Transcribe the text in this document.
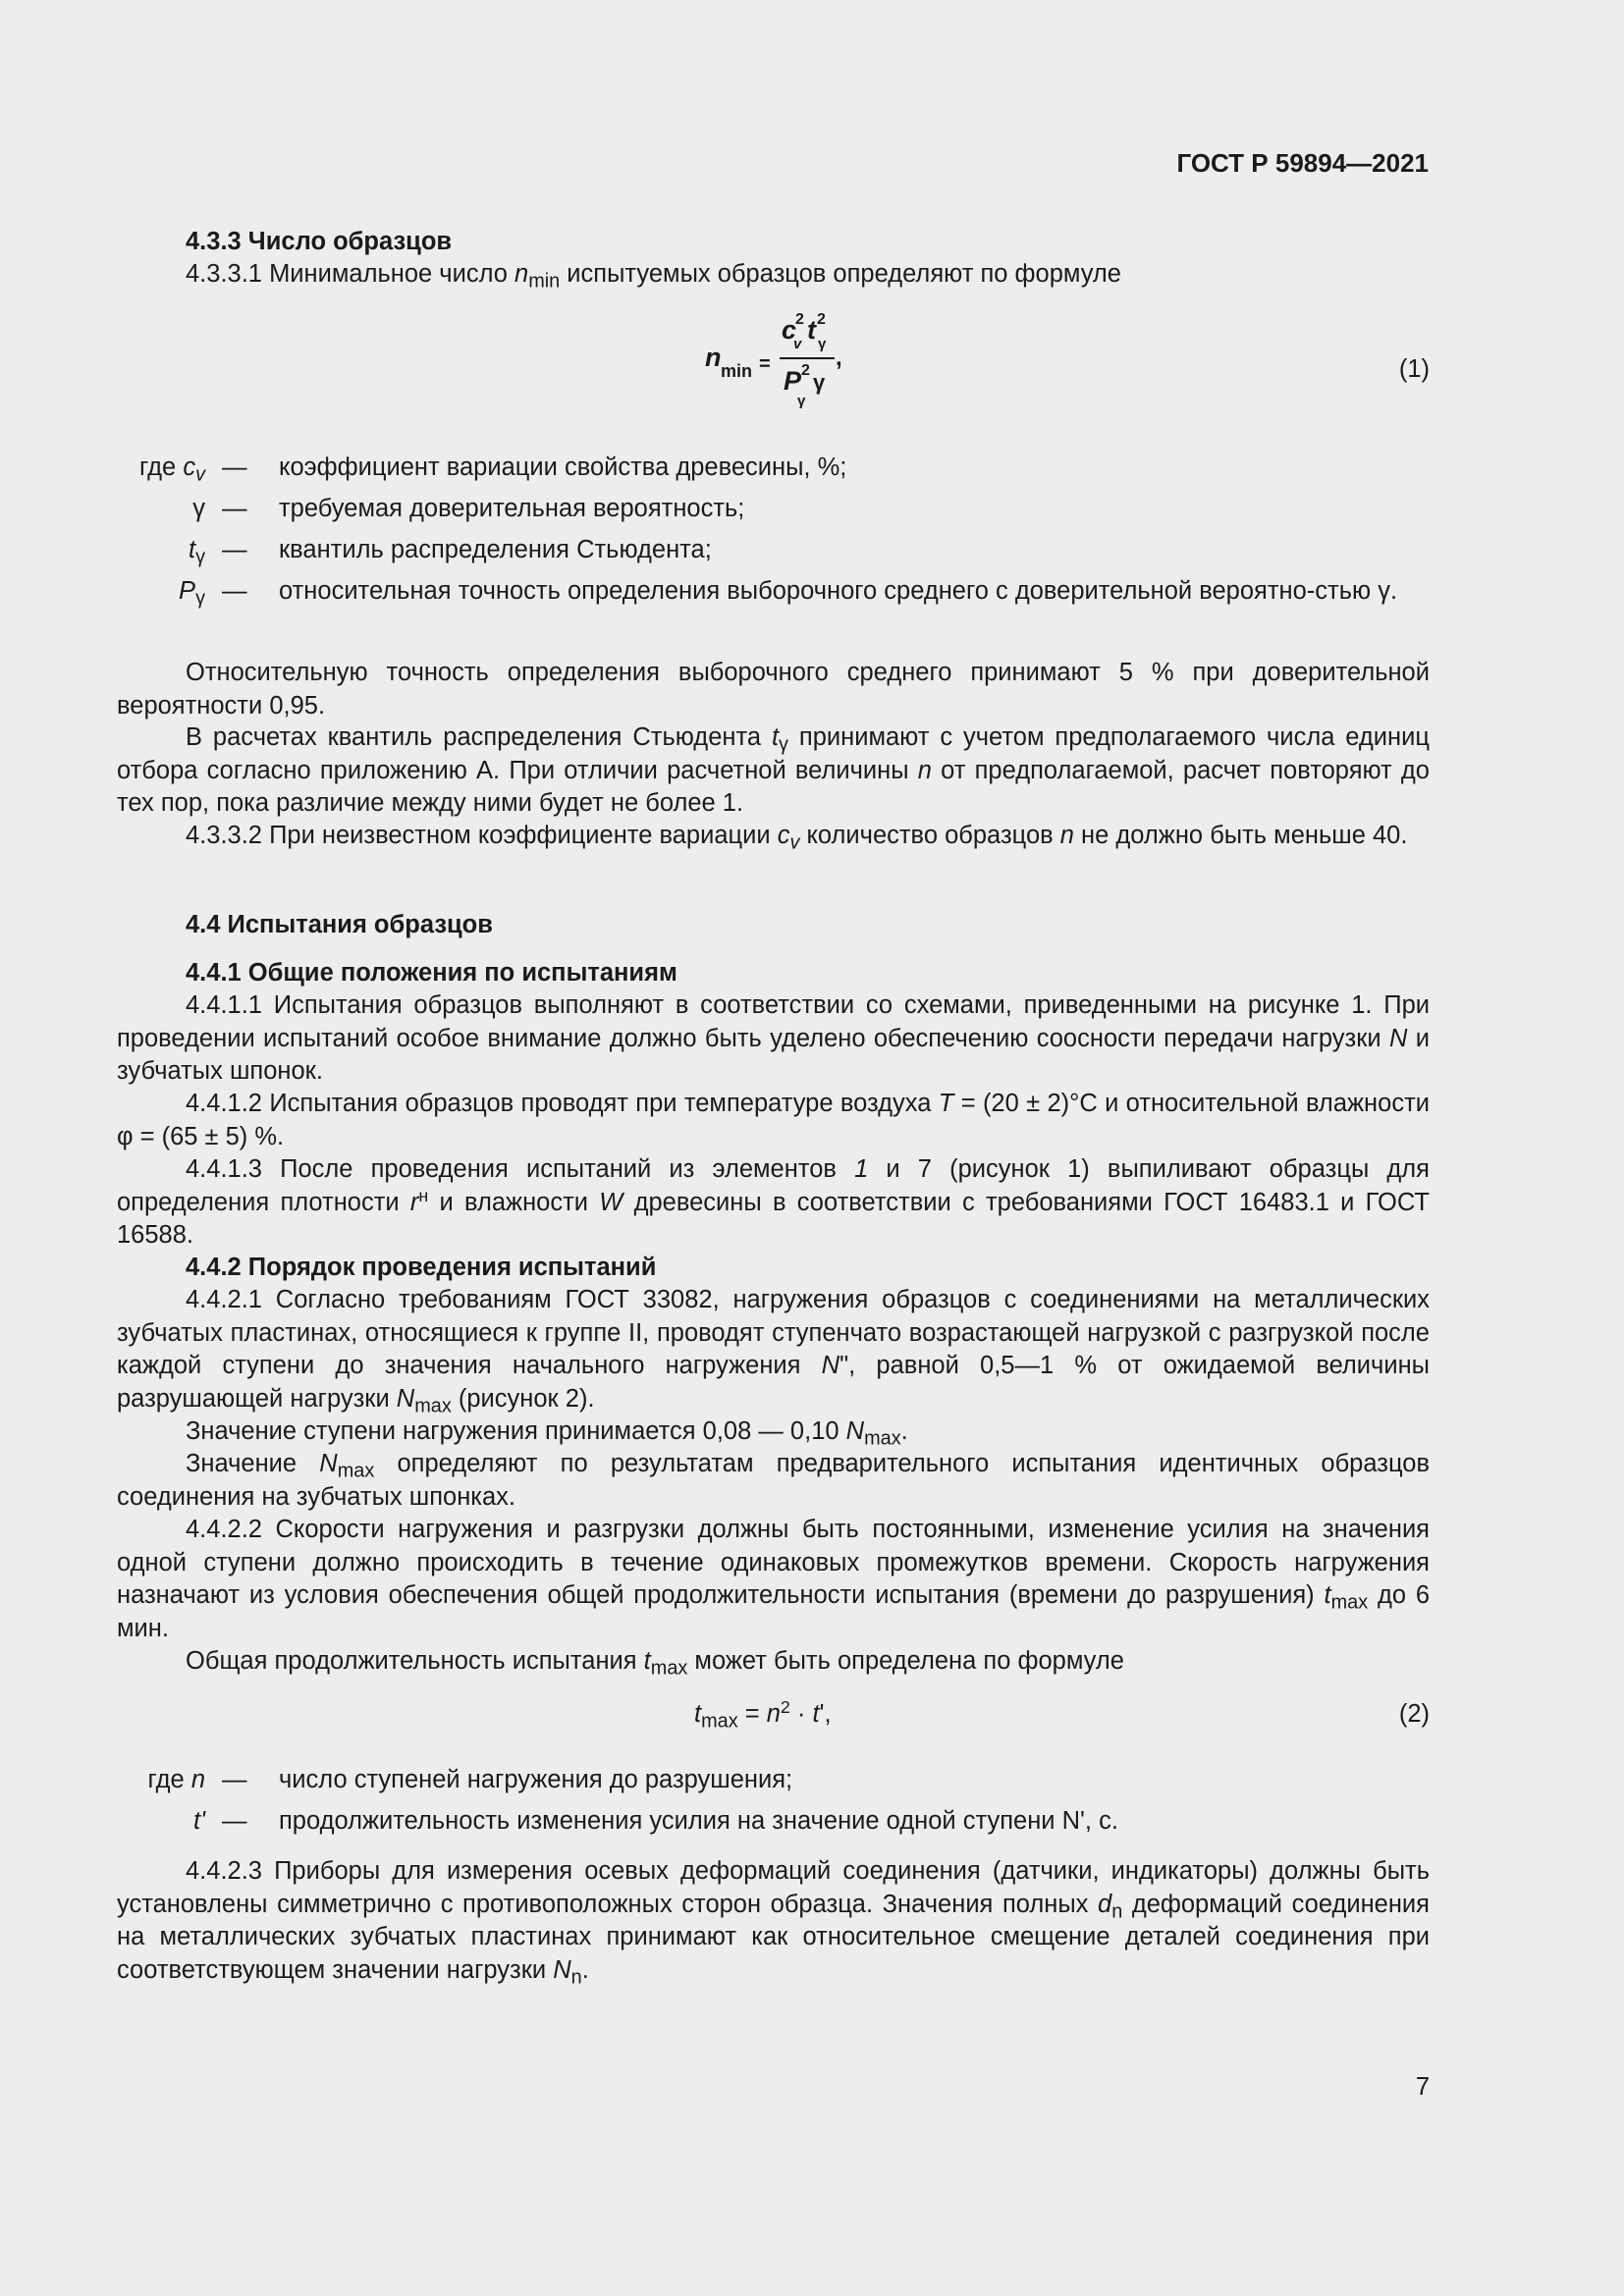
ГОСТ Р 59894—2021
4.3.3 Число образцов
4.3.3.1 Минимальное число $n_{min}$ испытуемых образцов определяют по формуле
n min =
c
2
v t 2
γ
P 2
γ
γ
,	(1)
где $c_v$ — коэффициент вариации свойства древесины, %;
γ — требуемая доверительная вероятность;
$t_\gamma$ — квантиль распределения Стьюдента;
$P_\gamma$ — относительная точность определения выборочного среднего с доверительной вероятно-стью γ.
Относительную точность определения выборочного среднего принимают 5 % при доверительной вероятности 0,95.
В расчетах квантиль распределения Стьюдента $t_\gamma$ принимают с учетом предполагаемого числа единиц отбора согласно приложению А. При отличии расчетной величины n от предполагаемой, расчет повторяют до тех пор, пока различие между ними будет не более 1.
4.3.3.2 При неизвестном коэффициенте вариации $c_v$ количество образцов n не должно быть меньше 40.
4.4 Испытания образцов
4.4.1 Общие положения по испытаниям
4.4.1.1 Испытания образцов выполняют в соответствии со схемами, приведенными на рисунке 1. При проведении испытаний особое внимание должно быть уделено обеспечению соосности передачи нагрузки N и зубчатых шпонок.
4.4.1.2 Испытания образцов проводят при температуре воздуха T = (20 ± 2)°С и относительной влажности φ = (65 ± 5) %.
4.4.1.3 После проведения испытаний из элементов 1 и 7 (рисунок 1) выпиливают образцы для определения плотности $r^н$ и влажности W древесины в соответствии с требованиями ГОСТ 16483.1 и ГОСТ 16588.
4.4.2 Порядок проведения испытаний
4.4.2.1 Согласно требованиям ГОСТ 33082, нагружения образцов с соединениями на металлических зубчатых пластинах, относящиеся к группе II, проводят ступенчато возрастающей нагрузкой с разгрузкой после каждой ступени до значения начального нагружения N", равной 0,5—1 % от ожидаемой величины разрушающей нагрузки $N_{max}$ (рисунок 2).
Значение ступени нагружения принимается 0,08 — 0,10 $N_{max}$.
Значение $N_{max}$ определяют по результатам предварительного испытания идентичных образцов соединения на зубчатых шпонках.
4.4.2.2 Скорости нагружения и разгрузки должны быть постоянными, изменение усилия на значения одной ступени должно происходить в течение одинаковых промежутков времени. Скорость нагружения назначают из условия обеспечения общей продолжительности испытания (времени до разрушения) $t_{max}$ до 6 мин.
Общая продолжительность испытания $t_{max}$ может быть определена по формуле
$t_{max} = n^2 \cdot t'$,	(2)
где n — число ступеней нагружения до разрушения;
t' — продолжительность изменения усилия на значение одной ступени N', с.
4.4.2.3 Приборы для измерения осевых деформаций соединения (датчики, индикаторы) должны быть установлены симметрично с противоположных сторон образца. Значения полных $d_n$ деформаций соединения на металлических зубчатых пластинах принимают как относительное смещение деталей соединения при соответствующем значении нагрузки $N_n$.
7
